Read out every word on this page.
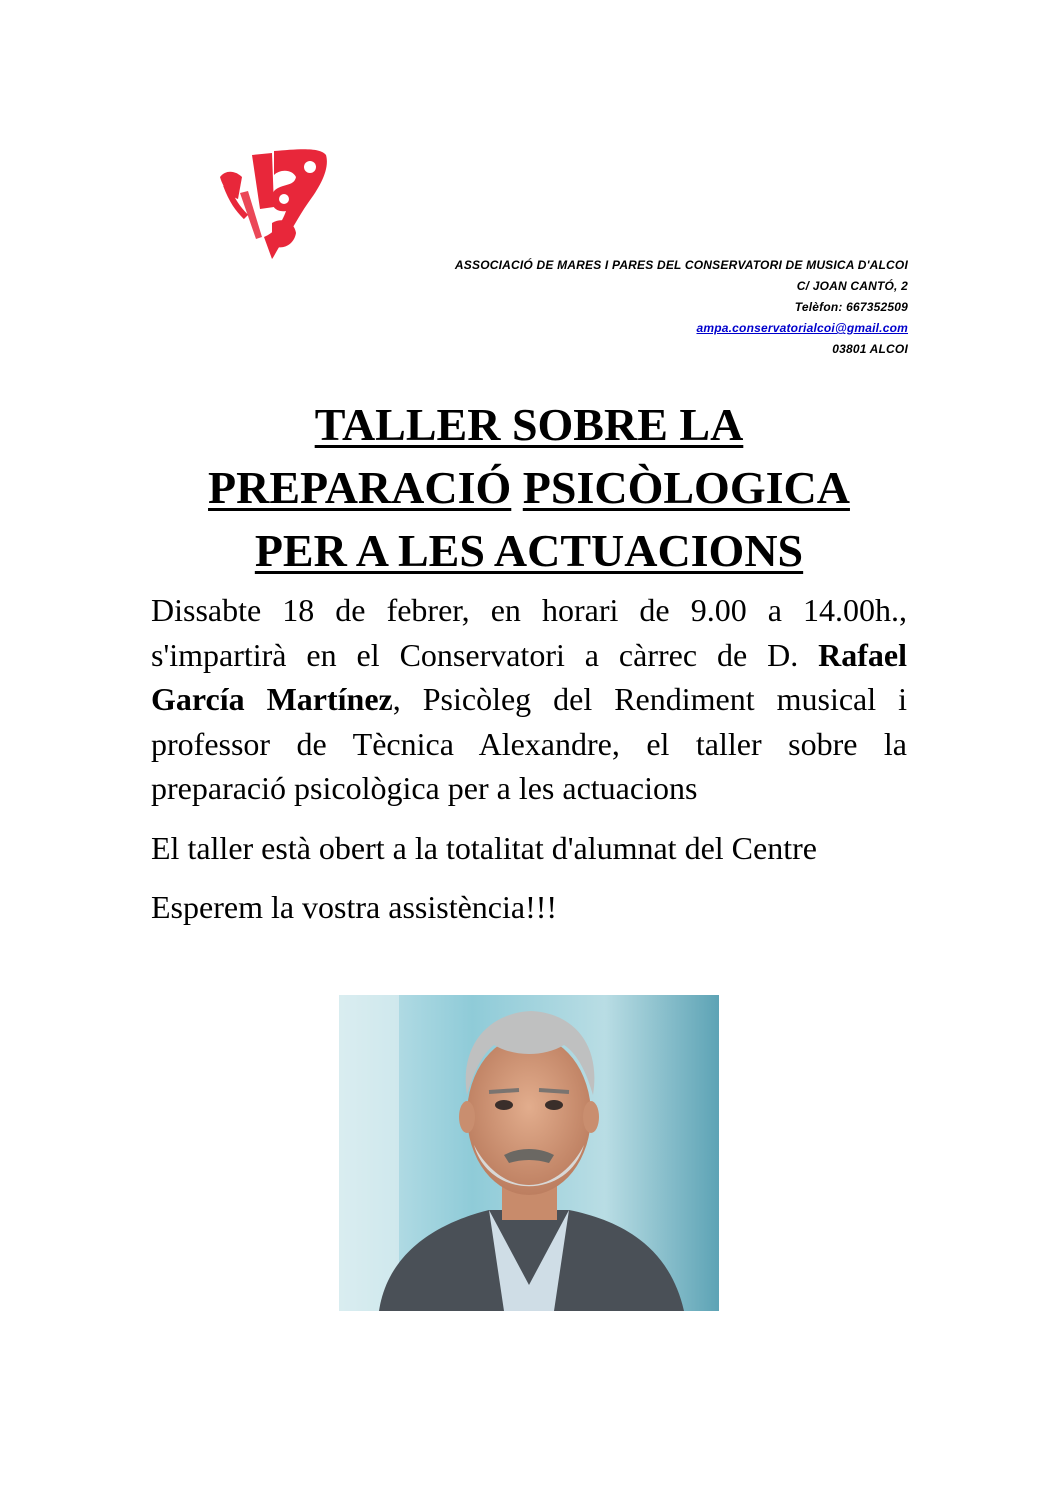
ASSOCIACIÓ DE MARES I PARES DEL CONSERVATORI DE MUSICA D'ALCOI
C/ JOAN CANTÓ, 2
Telèfon: 667352509
ampa.conservatorialcoi@gmail.com
03801 ALCOI
TALLER SOBRE LA
PREPARACIÓ PSICÒLOGICA
PER A LES ACTUACIONS

Dissabte 18 de febrer, en horari de 9.00 a 14.00h., s'impartirà en el Conservatori a càrrec de D. Rafael García Martínez, Psicòleg del Rendiment musical i professor de Tècnica Alexandre, el taller sobre la preparació psicològica per a les actuacions

El taller està obert a la totalitat d'alumnat del Centre

Esperem la vostra assistència!!!
